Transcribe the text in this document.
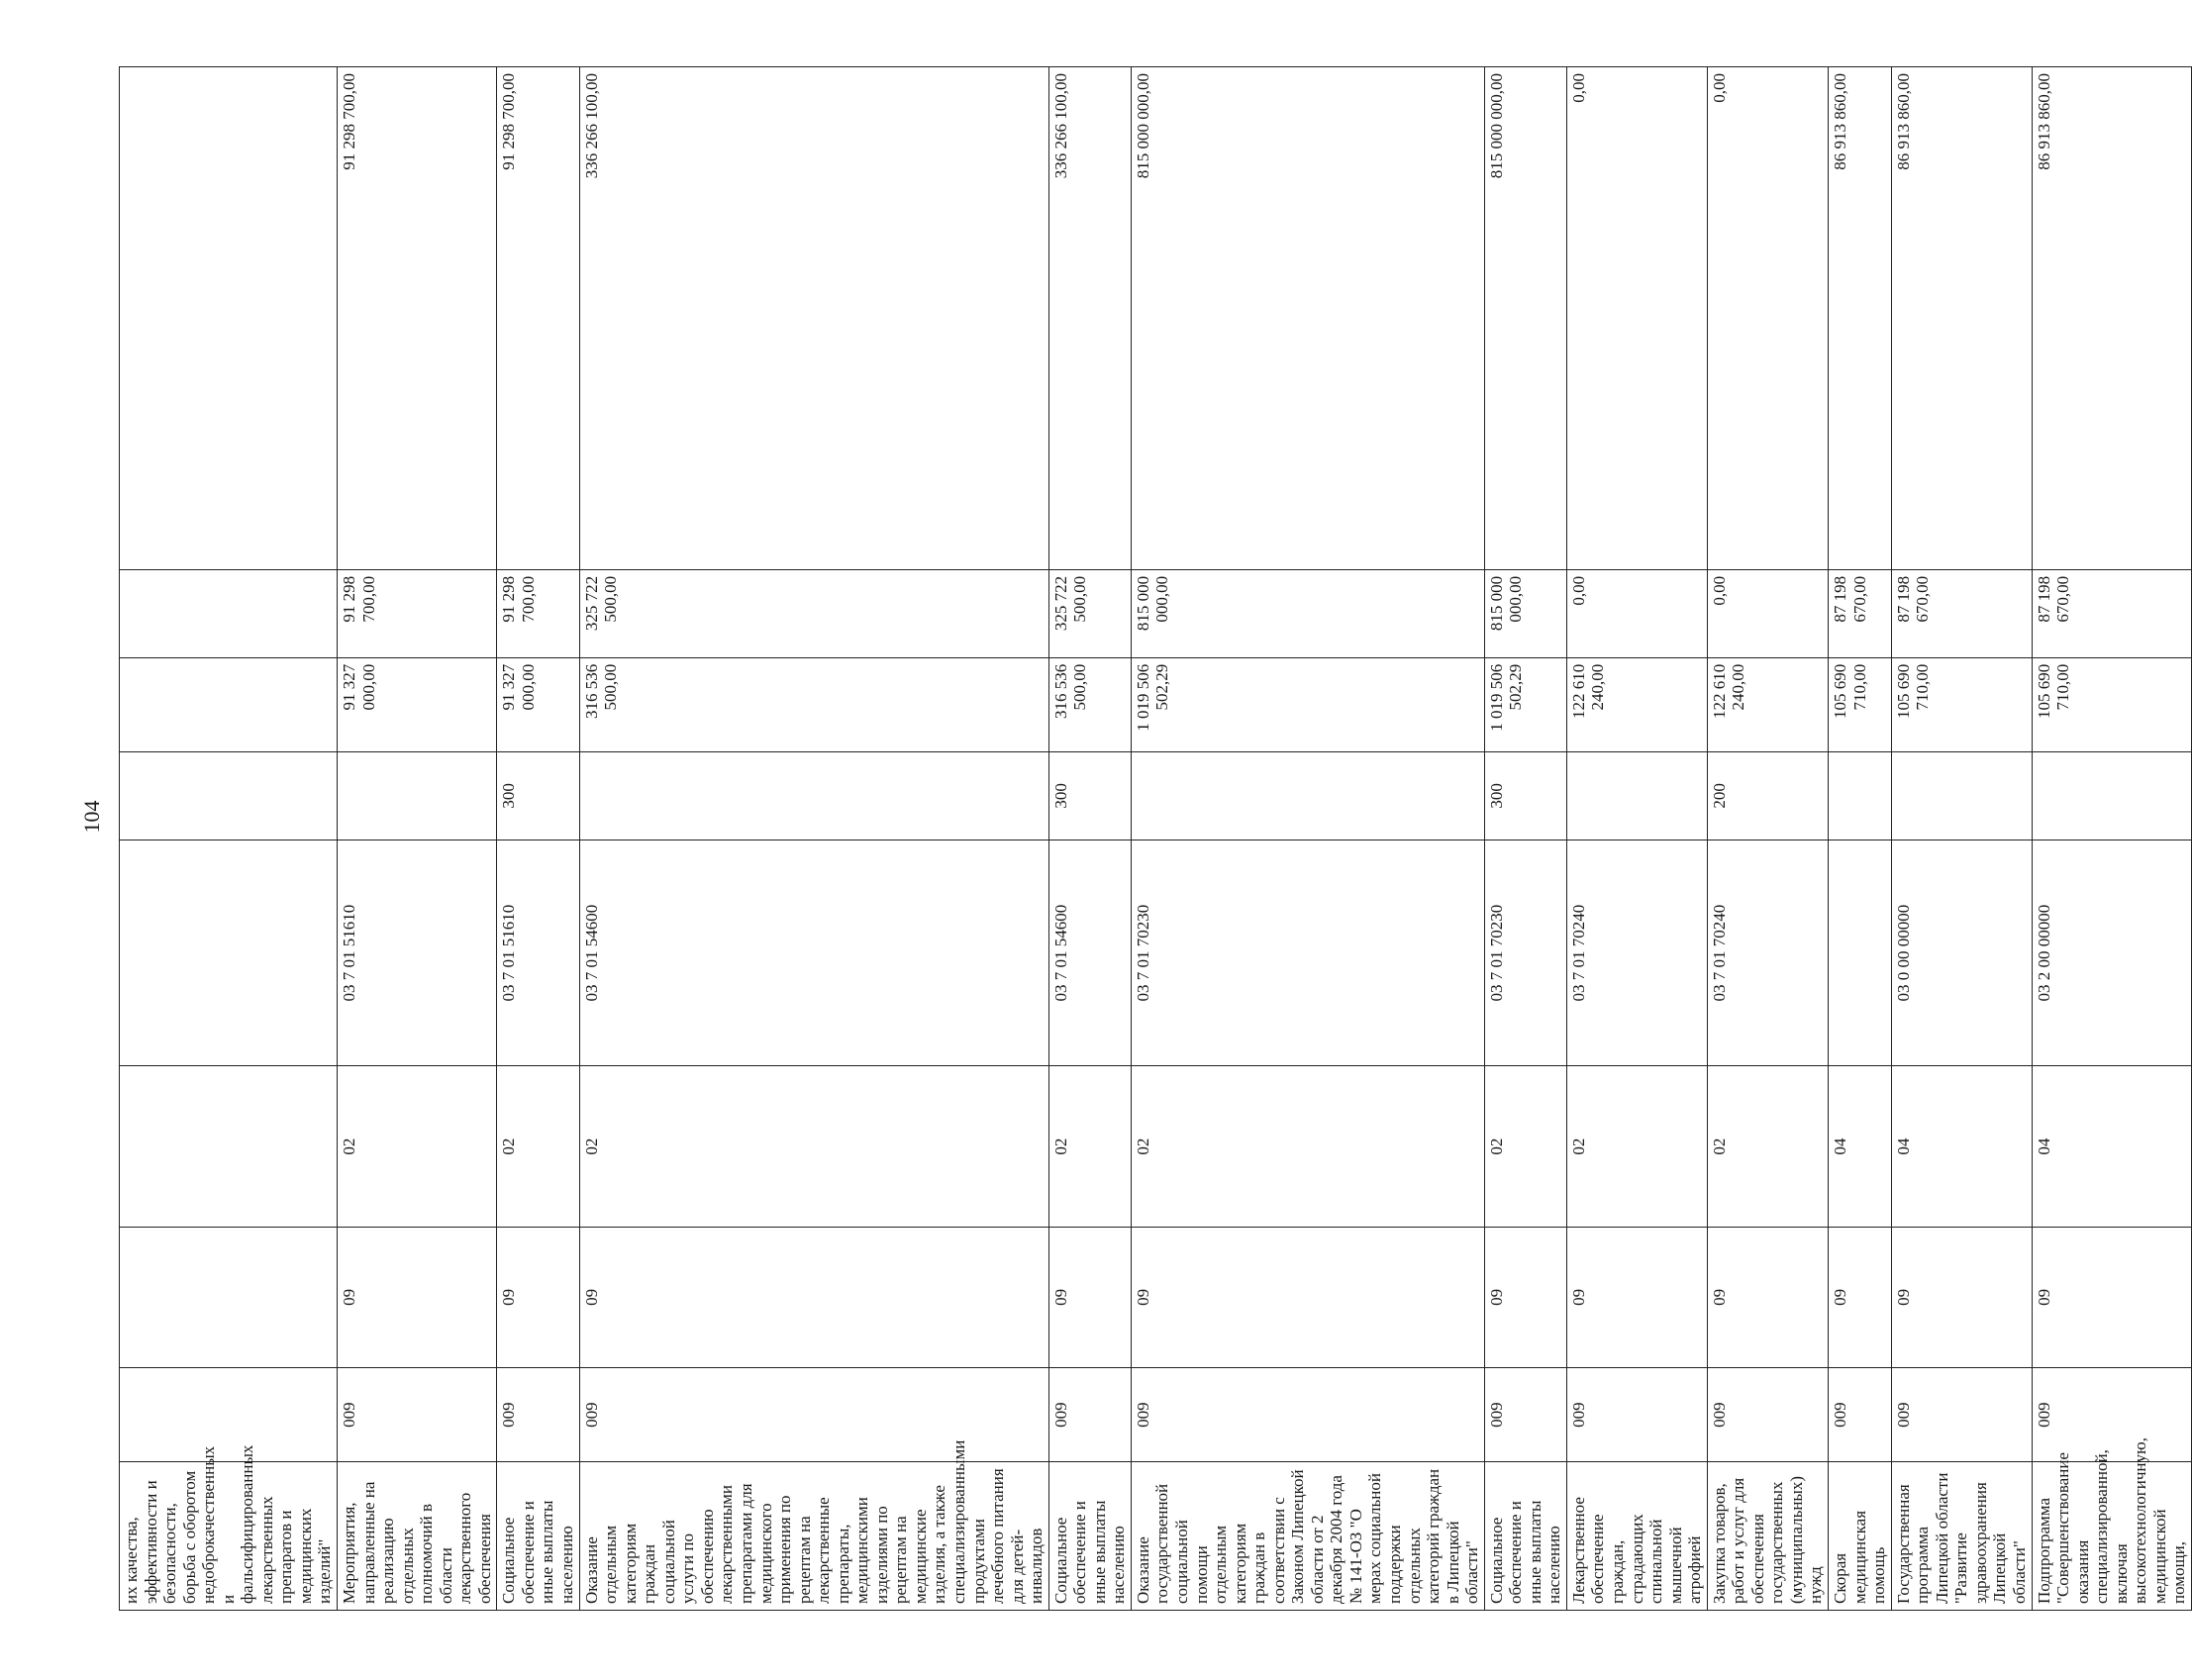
104
их качества, эффективности и безопасности, борьба с оборотом недоброкачественных и фальсифицированных лекарственных препаратов и медицинских изделий"								
Мероприятия, направленные на реализацию отдельных полномочий в области лекарственного обеспечения	009	09	02	03 7 01 51610		91 327 000,00	91 298 700,00	91 298 700,00
Социальное обеспечение и иные выплаты населению	009	09	02	03 7 01 51610	300	91 327 000,00	91 298 700,00	91 298 700,00
Оказание отдельным категориям граждан социальной услуги по обеспечению лекарственными препаратами для медицинского применения по рецептам на лекарственные препараты, медицинскими изделиями по рецептам на медицинские изделия, а также специализированными продуктами лечебного питания для детей-инвалидов	009	09	02	03 7 01 54600		316 536 500,00	325 722 500,00	336 266 100,00
Социальное обеспечение и иные выплаты населению	009	09	02	03 7 01 54600	300	316 536 500,00	325 722 500,00	336 266 100,00
Оказание государственной социальной помощи отдельным категориям граждан в соответствии с Законом Липецкой области от 2 декабря 2004 года № 141-ОЗ "О мерах социальной поддержки отдельных категорий граждан в Липецкой области"	009	09	02	03 7 01 70230		1 019 506 502,29	815 000 000,00	815 000 000,00
Социальное обеспечение и иные выплаты населению	009	09	02	03 7 01 70230	300	1 019 506 502,29	815 000 000,00	815 000 000,00
Лекарственное обеспечение граждан, страдающих спинальной мышечной атрофией	009	09	02	03 7 01 70240		122 610 240,00	0,00	0,00
Закупка товаров, работ и услуг для обеспечения государственных (муниципальных) нужд	009	09	02	03 7 01 70240	200	122 610 240,00	0,00	0,00
Скорая медицинская помощь	009	09	04			105 690 710,00	87 198 670,00	86 913 860,00
Государственная программа Липецкой области "Развитие здравоохранения Липецкой области"	009	09	04	03 0 00 00000		105 690 710,00	87 198 670,00	86 913 860,00
Подпрограмма "Совершенствование оказания специализированной, включая высокотехнологичную, медицинской помощи,	009	09	04	03 2 00 00000		105 690 710,00	87 198 670,00	86 913 860,00
